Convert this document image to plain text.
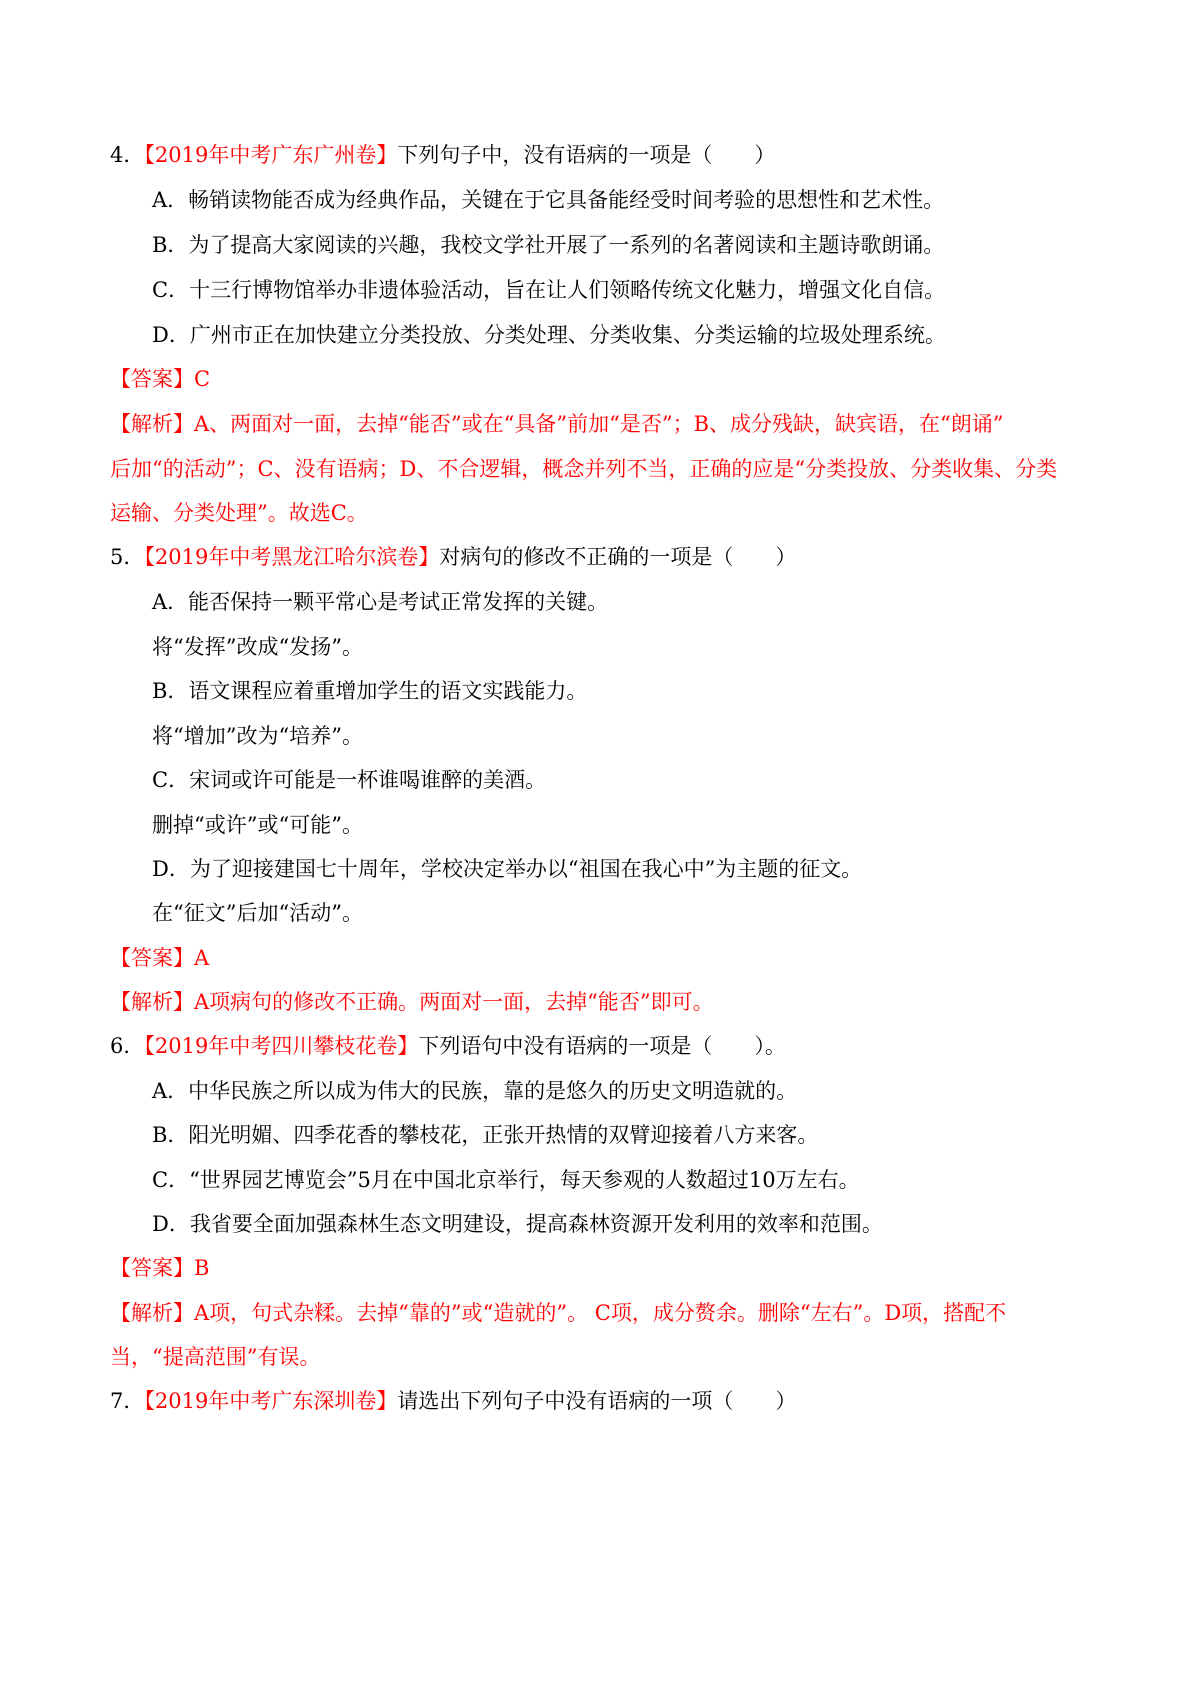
4．【2019年中考广东广州卷】下列句子中，没有语病的一项是（　　）
A．畅销读物能否成为经典作品，关键在于它具备能经受时间考验的思想性和艺术性。
B．为了提高大家阅读的兴趣，我校文学社开展了一系列的名著阅读和主题诗歌朗诵。
C．十三行博物馆举办非遗体验活动，旨在让人们领略传统文化魅力，增强文化自信。
D．广州市正在加快建立分类投放、分类处理、分类收集、分类运输的垃圾处理系统。
【答案】C
【解析】A、两面对一面，去掉“能否”或在“具备”前加“是否”；B、成分残缺，缺宾语，在“朗诵”
后加“的活动”；C、没有语病；D、不合逻辑，概念并列不当，正确的应是“分类投放、分类收集、分类
运输、分类处理”。故选C。
5．【2019年中考黑龙江哈尔滨卷】对病句的修改不正确的一项是（　　）
A．能否保持一颗平常心是考试正常发挥的关键。
将“发挥”改成“发扬”。
B．语文课程应着重增加学生的语文实践能力。
将“增加”改为“培养”。
C．宋词或许可能是一杯谁喝谁醉的美酒。
删掉“或许”或“可能”。
D．为了迎接建国七十周年，学校决定举办以“祖国在我心中”为主题的征文。
在“征文”后加“活动”。
【答案】A
【解析】A项病句的修改不正确。两面对一面，去掉“能否”即可。
6．【2019年中考四川攀枝花卷】下列语句中没有语病的一项是（　　）。
A．中华民族之所以成为伟大的民族，靠的是悠久的历史文明造就的。
B．阳光明媚、四季花香的攀枝花，正张开热情的双臂迎接着八方来客。
C．“世界园艺博览会”5月在中国北京举行，每天参观的人数超过10万左右。
D．我省要全面加强森林生态文明建设，提高森林资源开发利用的效率和范围。
【答案】B
【解析】A项，句式杂糅。去掉“靠的”或“造就的”。 C项，成分赘余。删除“左右”。D项，搭配不
当，“提高范围”有误。
7．【2019年中考广东深圳卷】请选出下列句子中没有语病的一项（　　）
